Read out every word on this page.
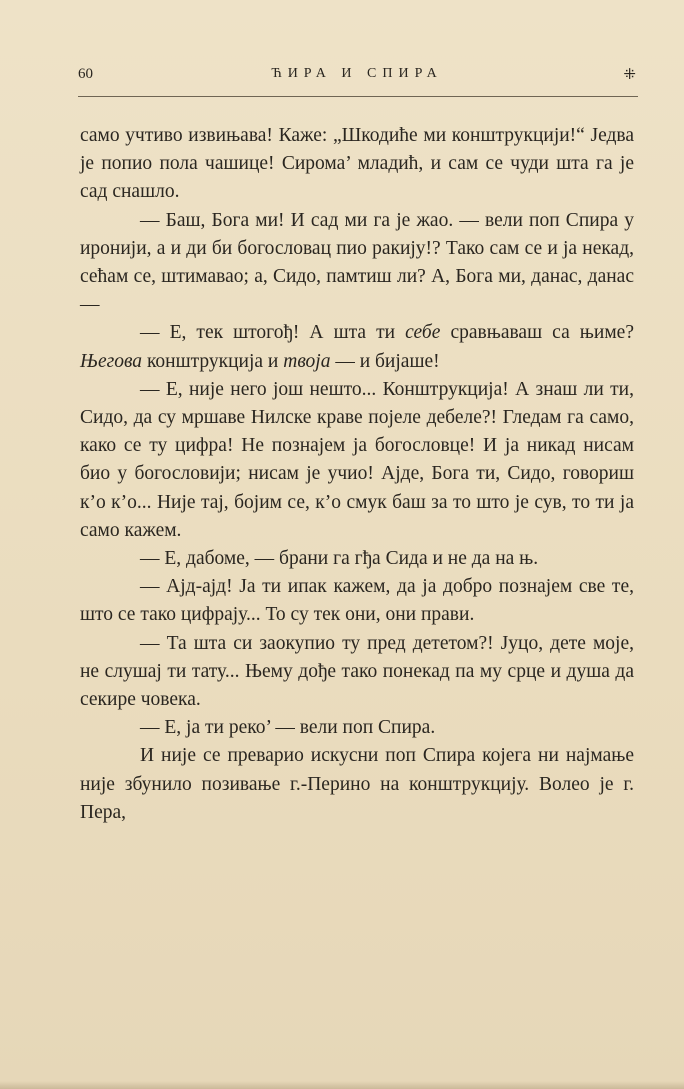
60	ЋИРА И СПИРА	⁜

само учтиво извињава! Каже: „Шкодиће ми конштрукцији!“ Једва је попио пола чашице! Сирома’ младић, и сам се чуди шта га је сад снашло.

— Баш, Бога ми! И сад ми га је жао. — вели поп Спира у иронији, а и ди би богословац пио ракију!? Тако сам се и ја некад, сећам се, штимавао; а, Сидо, памтиш ли? А, Бога ми, данас, данас —

— Е, тек штогођ! А шта ти себе сравњаваш са њиме? Његова конштрукција и твоја — и бијаше!

— Е, није него још нешто... Конштрукција! А знаш ли ти, Сидо, да су мршаве Нилске краве појеле дебеле?! Гледам га само, како се ту цифра! Не познајем ја богословце! И ја никад нисам био у богословији; нисам је учио! Ајде, Бога ти, Сидо, говориш к’о к’о... Није тај, бојим се, к’о смук баш за то што је сув, то ти ја само кажем.

— Е, дабоме, — брани га гђа Сида и не да на њ.

— Ајд-ајд! Ја ти ипак кажем, да ја добро познајем све те, што се тако цифрају... То су тек они, они прави.

— Та шта си заокупио ту пред дететом?! Јуцо, дете моје, не слушај ти тату... Њему дође тако понекад па му срце и душа да секире човека.

— Е, ја ти реко’ — вели поп Спира.

И није се преварио искусни поп Спира којега ни најмање није збунило позивање г.-Перино на конштрукцију. Волео је г. Пера,
